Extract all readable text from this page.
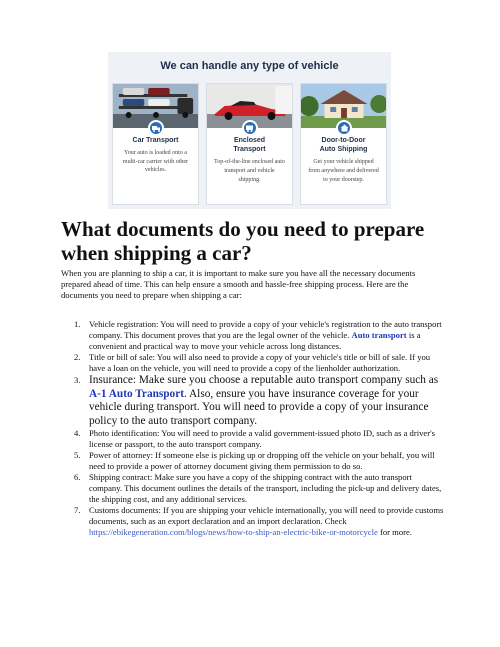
We can handle any type of vehicle
Car Transport
Your auto is loaded onto a multi-car carrier with other vehicles.
Enclosed
Transport
Top-of-the-line enclosed auto transport and vehicle shipping.
Door-to-Door
Auto Shipping
Get your vehicle shipped from anywhere and delivered to your doorstep.
What documents do you need to prepare when shipping a car?

When you are planning to ship a car, it is important to make sure you have all the necessary documents prepared ahead of time. This can help ensure a smooth and hassle-free shipping process. Here are the documents you need to prepare when shipping a car:

1. Vehicle registration: You will need to provide a copy of your vehicle's registration to the auto transport company. This document proves that you are the legal owner of the vehicle. Auto transport is a convenient and practical way to move your vehicle across long distances.
2. Title or bill of sale: You will also need to provide a copy of your vehicle's title or bill of sale. If you have a loan on the vehicle, you will need to provide a copy of the lienholder authorization.
3. Insurance: Make sure you choose a reputable auto transport company such as A-1 Auto Transport. Also, ensure you have insurance coverage for your vehicle during transport. You will need to provide a copy of your insurance policy to the auto transport company.
4. Photo identification: You will need to provide a valid government-issued photo ID, such as a driver's license or passport, to the auto transport company.
5. Power of attorney: If someone else is picking up or dropping off the vehicle on your behalf, you will need to provide a power of attorney document giving them permission to do so.
6. Shipping contract: Make sure you have a copy of the shipping contract with the auto transport company. This document outlines the details of the transport, including the pick-up and delivery dates, the shipping cost, and any additional services.
7. Customs documents: If you are shipping your vehicle internationally, you will need to provide customs documents, such as an export declaration and an import declaration. Check https://ebikegeneration.com/blogs/news/how-to-ship-an-electric-bike-or-motorcycle for more.
